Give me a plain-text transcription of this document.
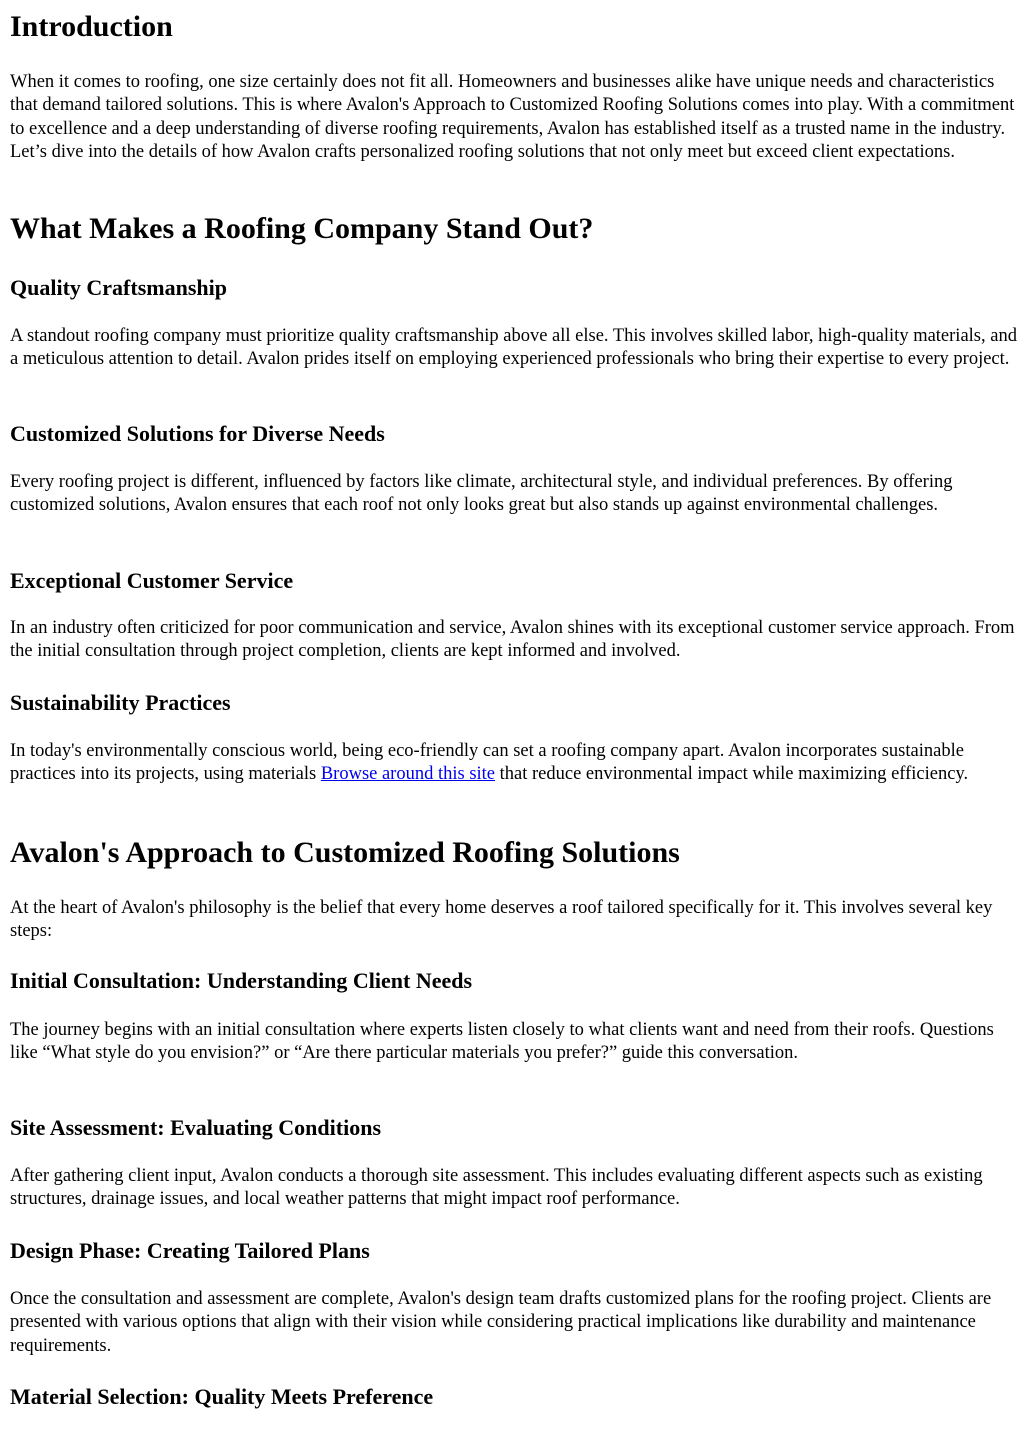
Introduction

When it comes to roofing, one size certainly does not fit all. Homeowners and businesses alike have unique needs and characteristics that demand tailored solutions. This is where Avalon's Approach to Customized Roofing Solutions comes into play. With a commitment to excellence and a deep understanding of diverse roofing requirements, Avalon has established itself as a trusted name in the industry. Let’s dive into the details of how Avalon crafts personalized roofing solutions that not only meet but exceed client expectations.

What Makes a Roofing Company Stand Out?
Quality Craftsmanship

A standout roofing company must prioritize quality craftsmanship above all else. This involves skilled labor, high-quality materials, and a meticulous attention to detail. Avalon prides itself on employing experienced professionals who bring their expertise to every project.

Customized Solutions for Diverse Needs

Every roofing project is different, influenced by factors like climate, architectural style, and individual preferences. By offering customized solutions, Avalon ensures that each roof not only looks great but also stands up against environmental challenges.

Exceptional Customer Service

In an industry often criticized for poor communication and service, Avalon shines with its exceptional customer service approach. From the initial consultation through project completion, clients are kept informed and involved.

Sustainability Practices

In today's environmentally conscious world, being eco-friendly can set a roofing company apart. Avalon incorporates sustainable practices into its projects, using materials Browse around this site that reduce environmental impact while maximizing efficiency.

Avalon's Approach to Customized Roofing Solutions

At the heart of Avalon's philosophy is the belief that every home deserves a roof tailored specifically for it. This involves several key steps:

Initial Consultation: Understanding Client Needs

The journey begins with an initial consultation where experts listen closely to what clients want and need from their roofs. Questions like “What style do you envision?” or “Are there particular materials you prefer?” guide this conversation.

Site Assessment: Evaluating Conditions

After gathering client input, Avalon conducts a thorough site assessment. This includes evaluating different aspects such as existing structures, drainage issues, and local weather patterns that might impact roof performance.

Design Phase: Creating Tailored Plans

Once the consultation and assessment are complete, Avalon's design team drafts customized plans for the roofing project. Clients are presented with various options that align with their vision while considering practical implications like durability and maintenance requirements.

Material Selection: Quality Meets Preference
